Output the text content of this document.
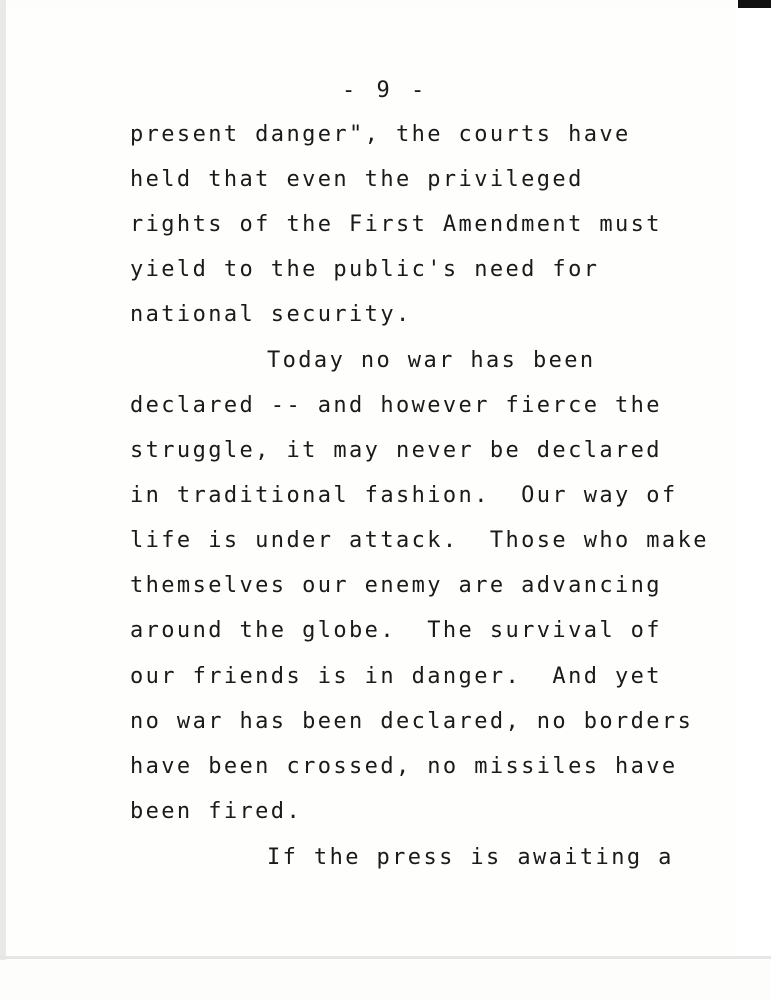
- 9 -
present danger", the courts have
held that even the privileged
rights of the First Amendment must
yield to the public's need for
national security.
Today no war has been
declared -- and however fierce the
struggle, it may never be declared
in traditional fashion.  Our way of
life is under attack.  Those who make
themselves our enemy are advancing
around the globe.  The survival of
our friends is in danger.  And yet
no war has been declared, no borders
have been crossed, no missiles have
been fired.
If the press is awaiting a
